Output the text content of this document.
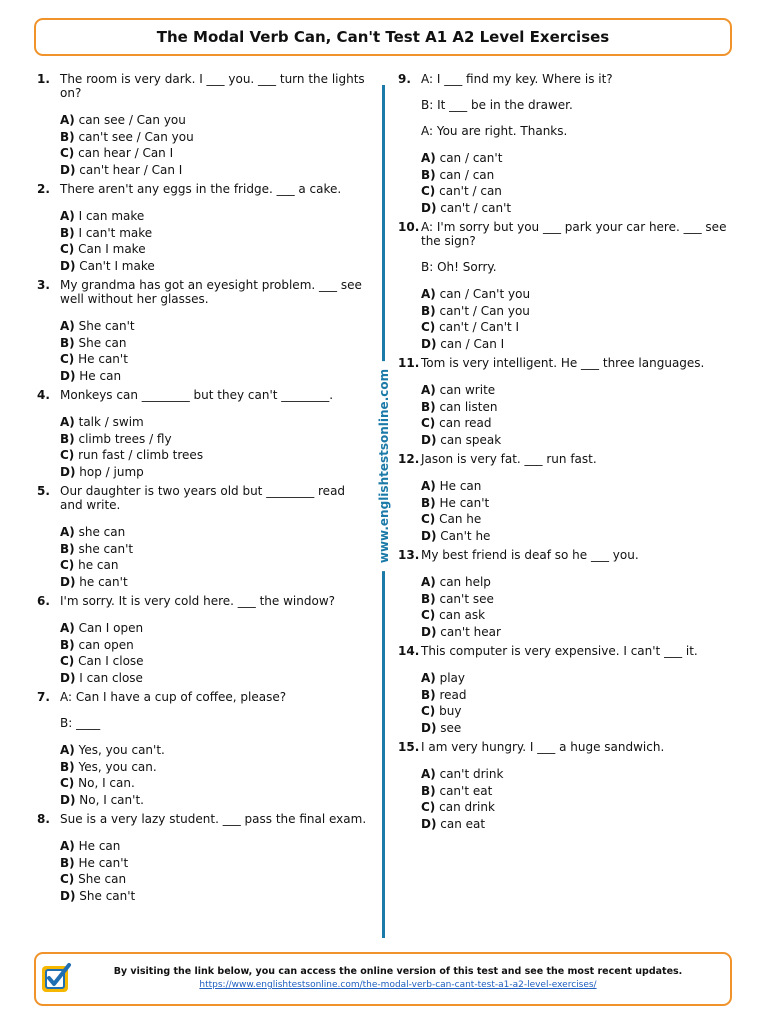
The Modal Verb Can, Can't Test A1 A2 Level Exercises
1. The room is very dark. I ___ you. ___ turn the lights on?
A) can see / Can you
B) can't see / Can you
C) can hear / Can I
D) can't hear / Can I
2. There aren't any eggs in the fridge. ___ a cake.
A) I can make
B) I can't make
C) Can I make
D) Can't I make
3. My grandma has got an eyesight problem. ___ see well without her glasses.
A) She can't
B) She can
C) He can't
D) He can
4. Monkeys can ________ but they can't ________.
A) talk / swim
B) climb trees / fly
C) run fast / climb trees
D) hop / jump
5. Our daughter is two years old but ________ read and write.
A) she can
B) she can't
C) he can
D) he can't
6. I'm sorry. It is very cold here. ___ the window?
A) Can I open
B) can open
C) Can I close
D) I can close
7. A: Can I have a cup of coffee, please?
B: ____
A) Yes, you can't.
B) Yes, you can.
C) No, I can.
D) No, I can't.
8. Sue is a very lazy student. ___ pass the final exam.
A) He can
B) He can't
C) She can
D) She can't
9. A: I ___ find my key. Where is it?
B: It ___ be in the drawer.
A: You are right. Thanks.
A) can / can't
B) can / can
C) can't / can
D) can't / can't
10. A: I'm sorry but you ___ park your car here. ___ see the sign?
B: Oh! Sorry.
A) can / Can't you
B) can't / Can you
C) can't / Can't I
D) can / Can I
11. Tom is very intelligent. He ___ three languages.
A) can write
B) can listen
C) can read
D) can speak
12. Jason is very fat. ___ run fast.
A) He can
B) He can't
C) Can he
D) Can't he
13. My best friend is deaf so he ___ you.
A) can help
B) can't see
C) can ask
D) can't hear
14. This computer is very expensive. I can't ___ it.
A) play
B) read
C) buy
D) see
15. I am very hungry. I ___ a huge sandwich.
A) can't drink
B) can't eat
C) can drink
D) can eat
www.englishtestsonline.com
By visiting the link below, you can access the online version of this test and see the most recent updates.
https://www.englishtestsonline.com/the-modal-verb-can-cant-test-a1-a2-level-exercises/
